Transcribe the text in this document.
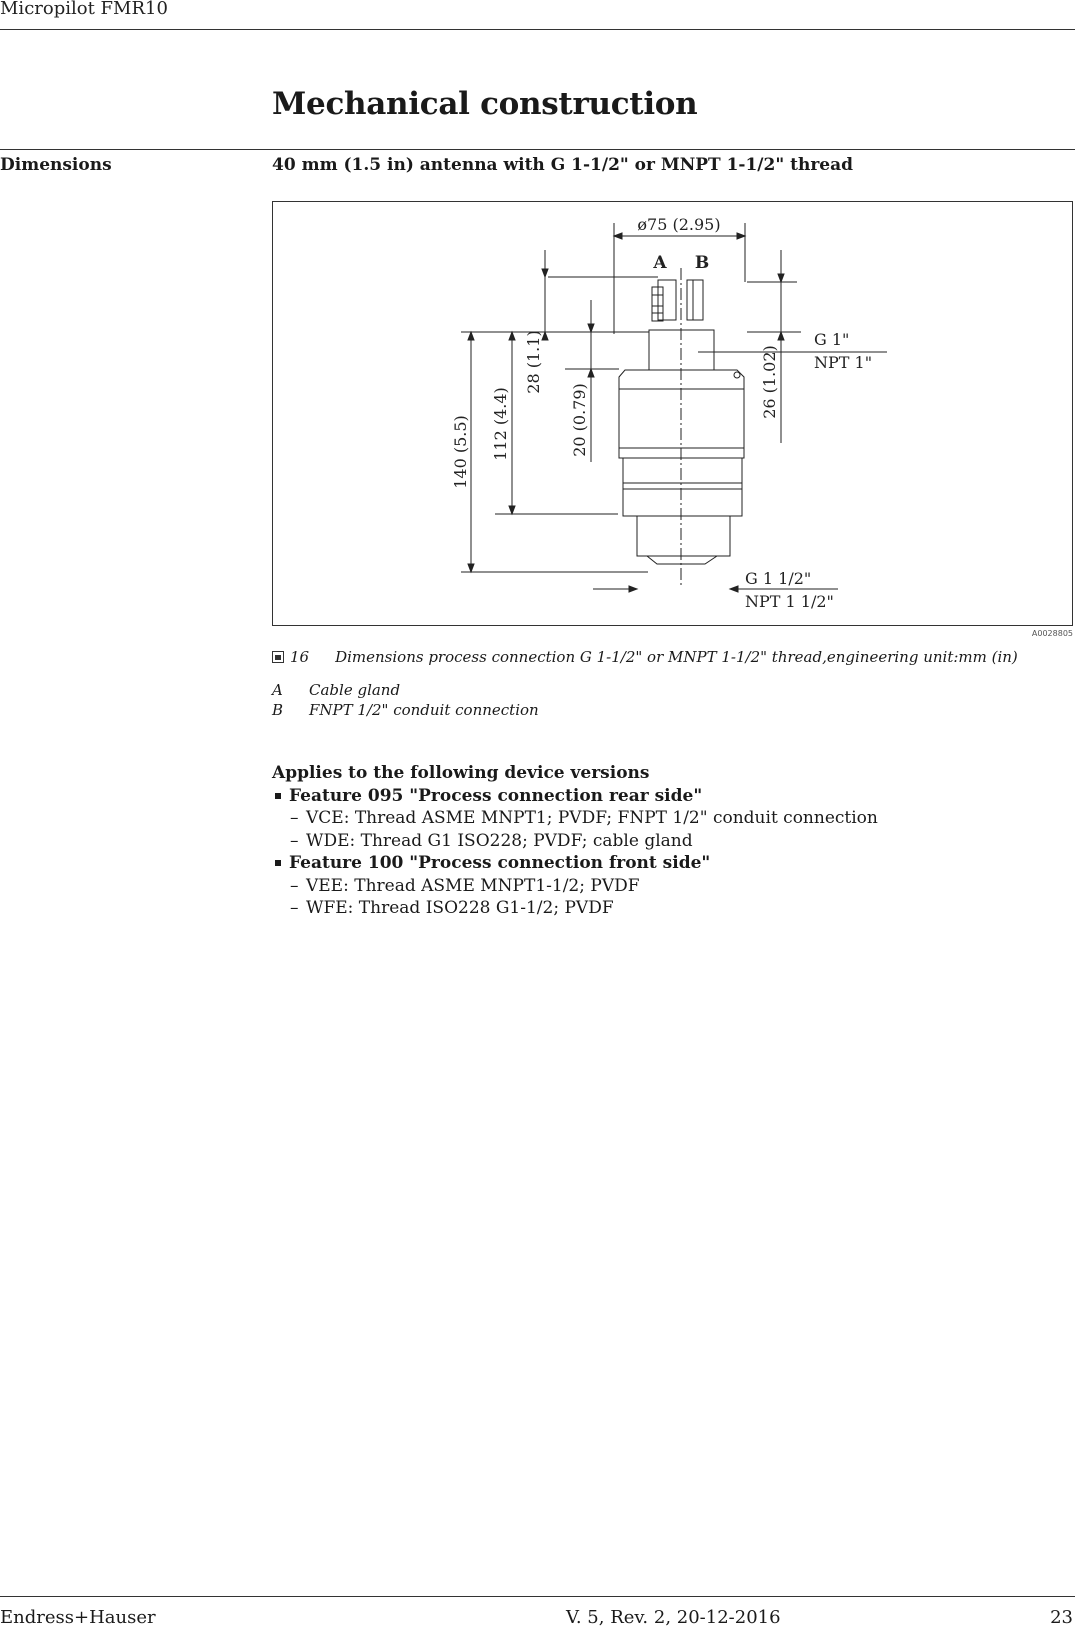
Micropilot FMR10
Mechanical construction
Dimensions	40 mm (1.5 in) antenna with G 1-1/2" or MNPT 1-1/2" thread
ø75 (2.95)
A B
140 (5.5) 112 (4.4)
28 (1.1)
20 (0.79)
26 (1.02)
G 1"
NPT 1"
G 1 1/2"
NPT 1 1/2"
A0028805
16 Dimensions process connection G 1-1/2" or MNPT 1-1/2" thread,engineering unit:mm (in)
A	Cable gland
B	FNPT 1/2" conduit connection
Applies to the following device versions
Feature 095 "Process connection rear side"
– VCE: Thread ASME MNPT1; PVDF; FNPT 1/2" conduit connection
– WDE: Thread G1 ISO228; PVDF; cable gland
Feature 100 "Process connection front side"
– VEE: Thread ASME MNPT1-1/2; PVDF
– WFE: Thread ISO228 G1-1/2; PVDF
Endress+Hauser	V. 5, Rev. 2, 20-12-2016	23
